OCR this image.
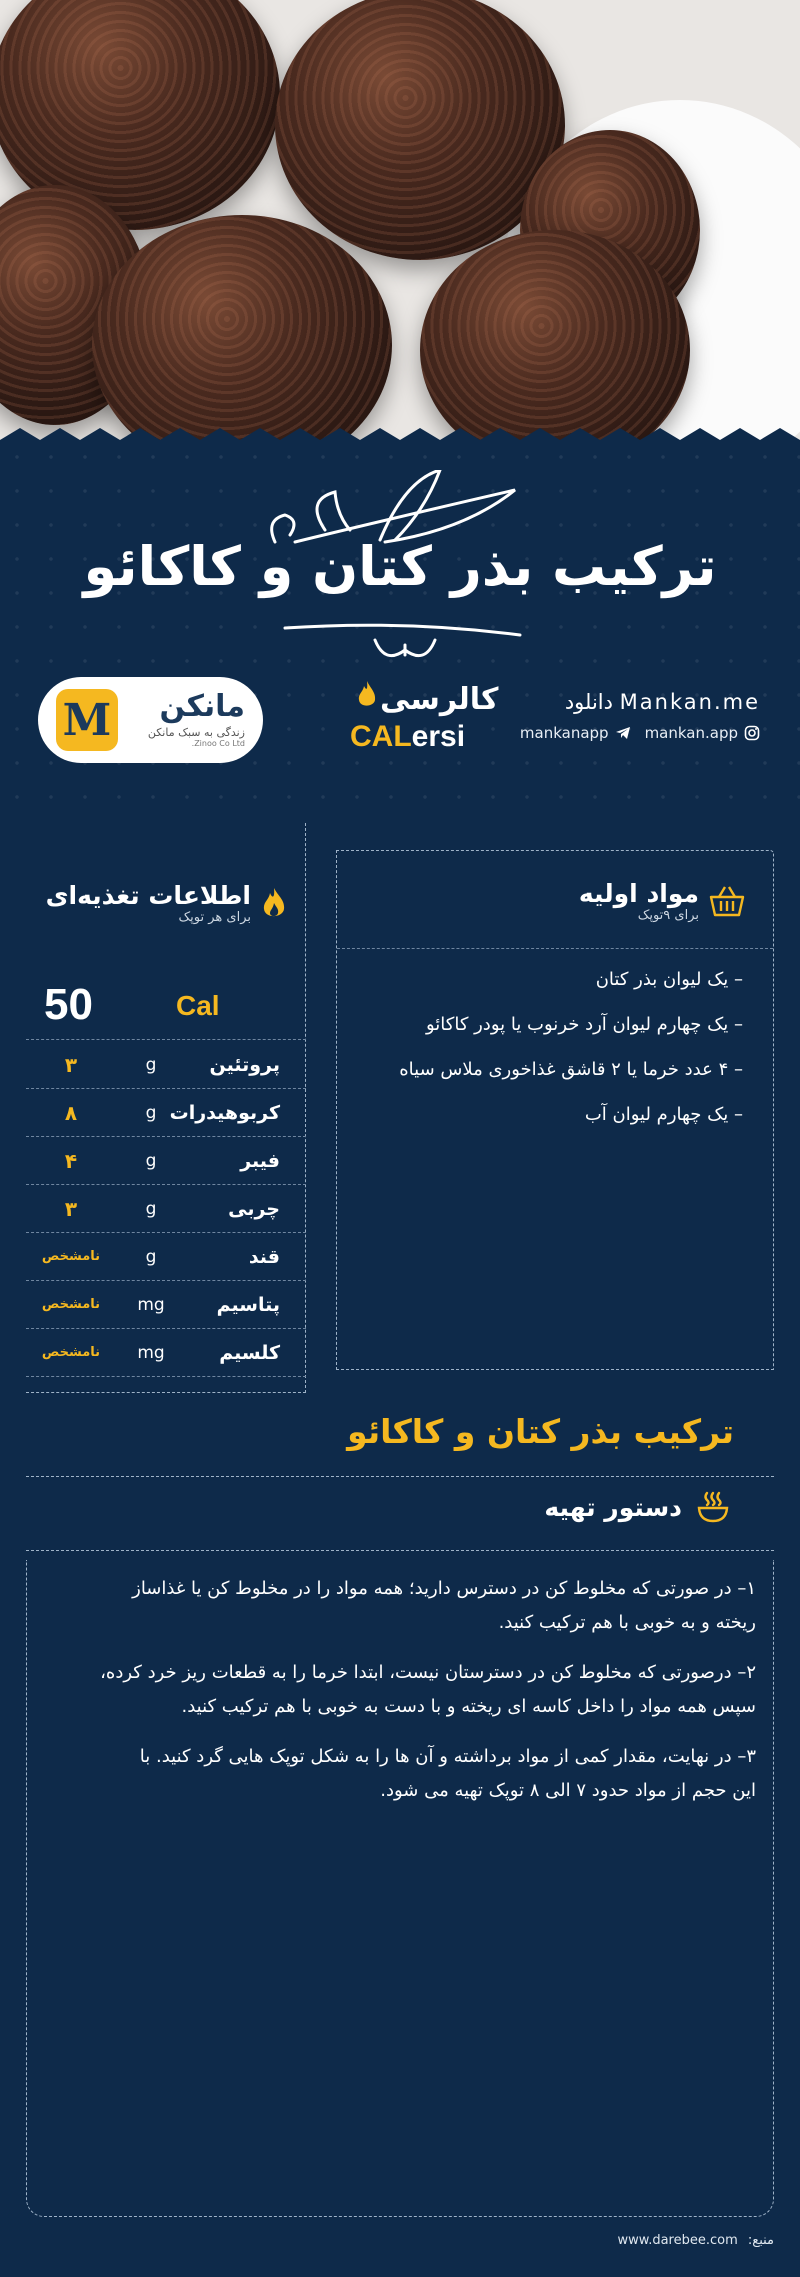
ترکیب بذر کتان و کاکائو
M	مانکن
زندگی به سبک مانکن
Zinoo Co Ltd.
کالرسی
CALersi
دانلود Mankan.me
mankanapp mankan.app
اطلاعات تغذیه‌ای
برای هر توپک
Cal
50
پروتئین
g
۳
کربوهیدرات
g
۸
فیبر
g
۴
چربی
g
۳
قند
g
نامشخص
پتاسیم
mg
نامشخص
کلسیم
mg
نامشخص
مواد اولیه
برای ۹توپک
– یک لیوان بذر کتان
– یک چهارم لیوان آرد خرنوب یا پودر کاکائو
– ۴ عدد خرما یا ۲ قاشق غذاخوری ملاس سیاه
– یک چهارم لیوان آب
ترکیب بذر کتان و کاکائو
دستور تهیه
۱– در صورتی که مخلوط کن در دسترس دارید؛ همه مواد را در مخلوط کن یا غذاساز
ریخته و به خوبی با هم ترکیب کنید.
۲– درصورتی که مخلوط کن در دسترستان نیست، ابتدا خرما را به قطعات ریز خرد کرده،
سپس همه مواد را داخل کاسه ای ریخته و با دست به خوبی با هم ترکیب کنید.
۳– در نهایت، مقدار کمی از مواد برداشته و آن ها را به شکل توپک هایی گرد کنید. با
این حجم از مواد حدود ۷ الی ۸ توپک تهیه می شود.
منبع: www.darebee.com
